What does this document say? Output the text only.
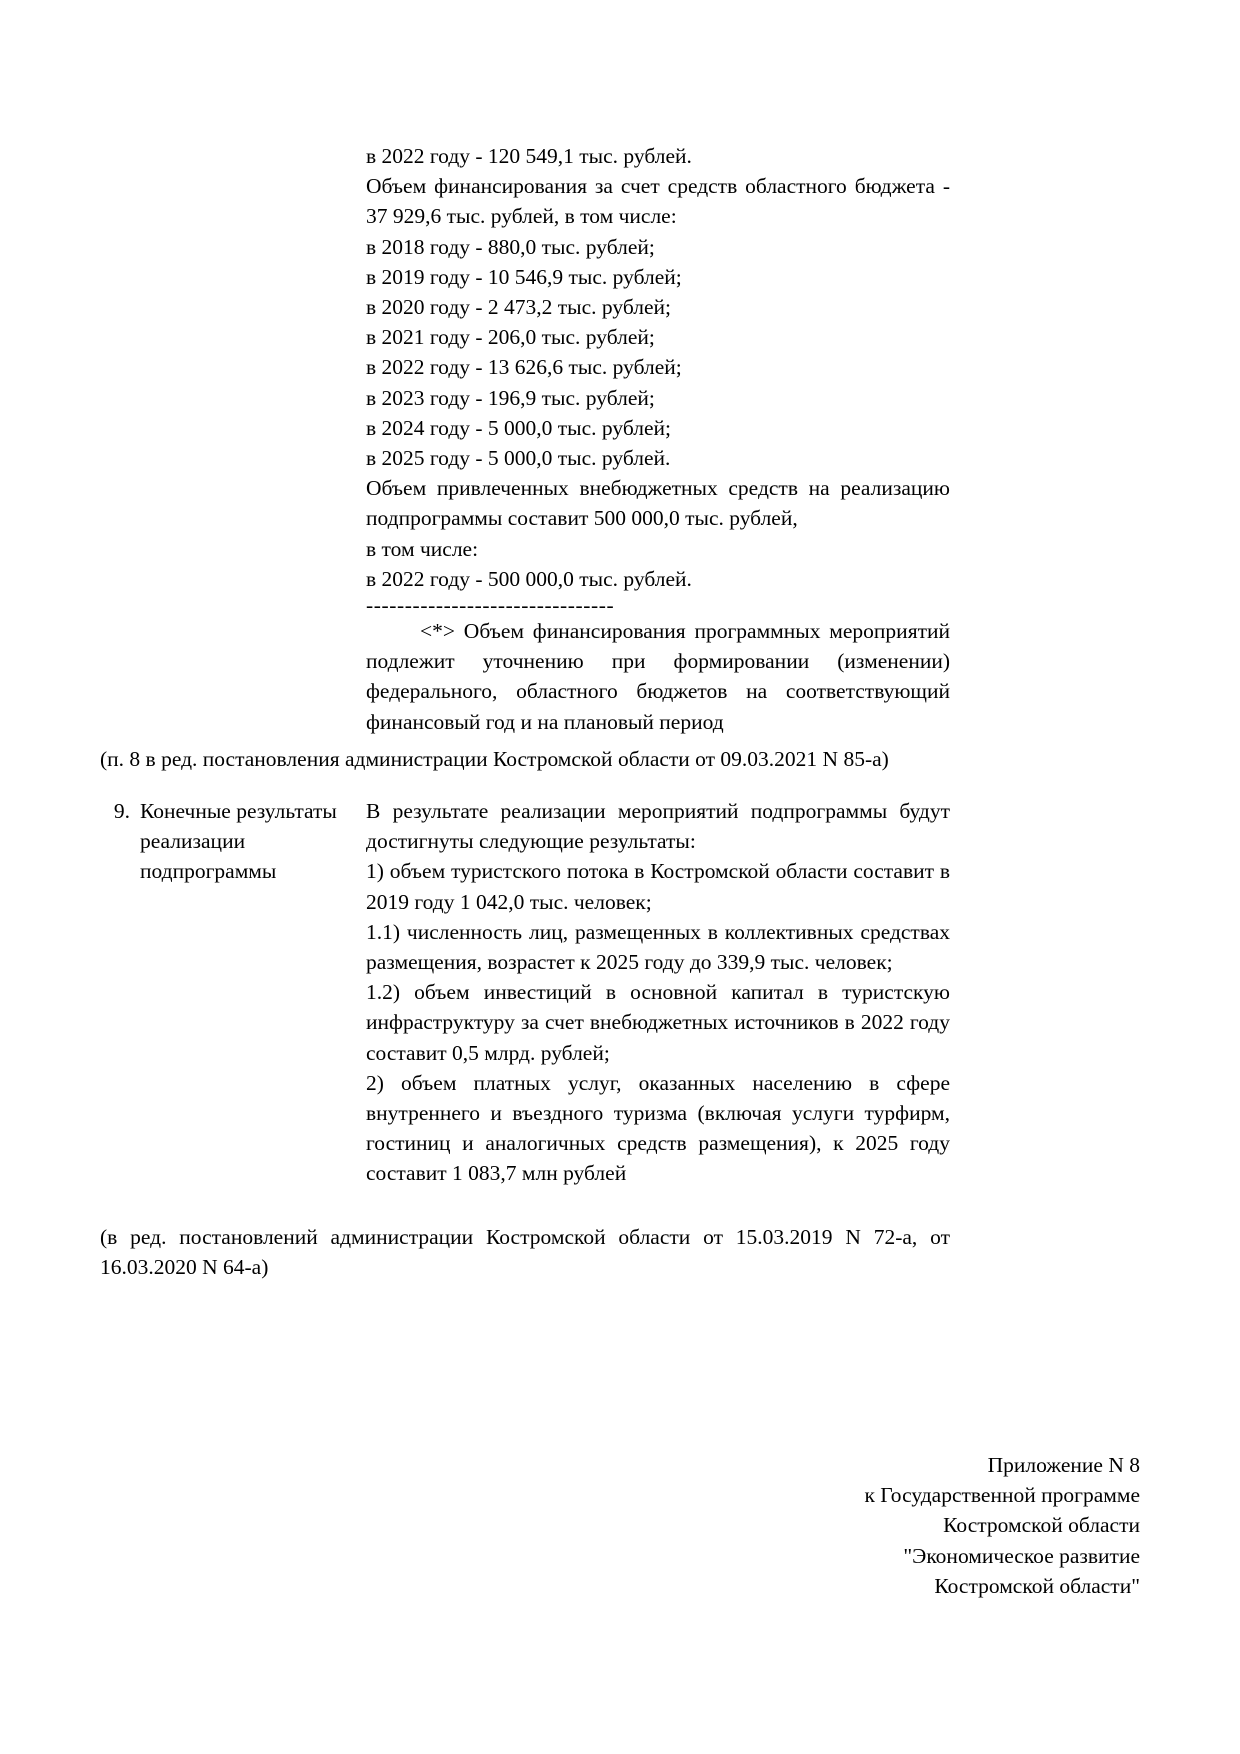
в 2022 году - 120 549,1 тыс. рублей.

Объем финансирования за счет средств областного бюджета - 37 929,6 тыс. рублей, в том числе:

в 2018 году - 880,0 тыс. рублей;

в 2019 году - 10 546,9 тыс. рублей;

в 2020 году - 2 473,2 тыс. рублей;

в 2021 году - 206,0 тыс. рублей;

в 2022 году - 13 626,6 тыс. рублей;

в 2023 году - 196,9 тыс. рублей;

в 2024 году - 5 000,0 тыс. рублей;

в 2025 году - 5 000,0 тыс. рублей.

Объем привлеченных внебюджетных средств на реализацию подпрограммы составит 500 000,0 тыс. рублей,

в том числе:

в 2022 году - 500 000,0 тыс. рублей.

--------------------------------

<*> Объем финансирования программных мероприятий подлежит уточнению при формировании (изменении) федерального, областного бюджетов на соответствующий финансовый год и на плановый период

(п. 8 в ред. постановления администрации Костромской области от 09.03.2021 N 85-а)

9. Конечные результаты реализации подпрограммы

В результате реализации мероприятий подпрограммы будут достигнуты следующие результаты:

1) объем туристского потока в Костромской области составит в 2019 году 1 042,0 тыс. человек;

1.1) численность лиц, размещенных в коллективных средствах размещения, возрастет к 2025 году до 339,9 тыс. человек;

1.2) объем инвестиций в основной капитал в туристскую инфраструктуру за счет внебюджетных источников в 2022 году составит 0,5 млрд. рублей;

2) объем платных услуг, оказанных населению в сфере внутреннего и въездного туризма (включая услуги турфирм, гостиниц и аналогичных средств размещения), к 2025 году составит 1 083,7 млн рублей

(в ред. постановлений администрации Костромской области от 15.03.2019 N 72-а, от 16.03.2020 N 64-а)

Приложение N 8
к Государственной программе
Костромской области
"Экономическое развитие
Костромской области"
